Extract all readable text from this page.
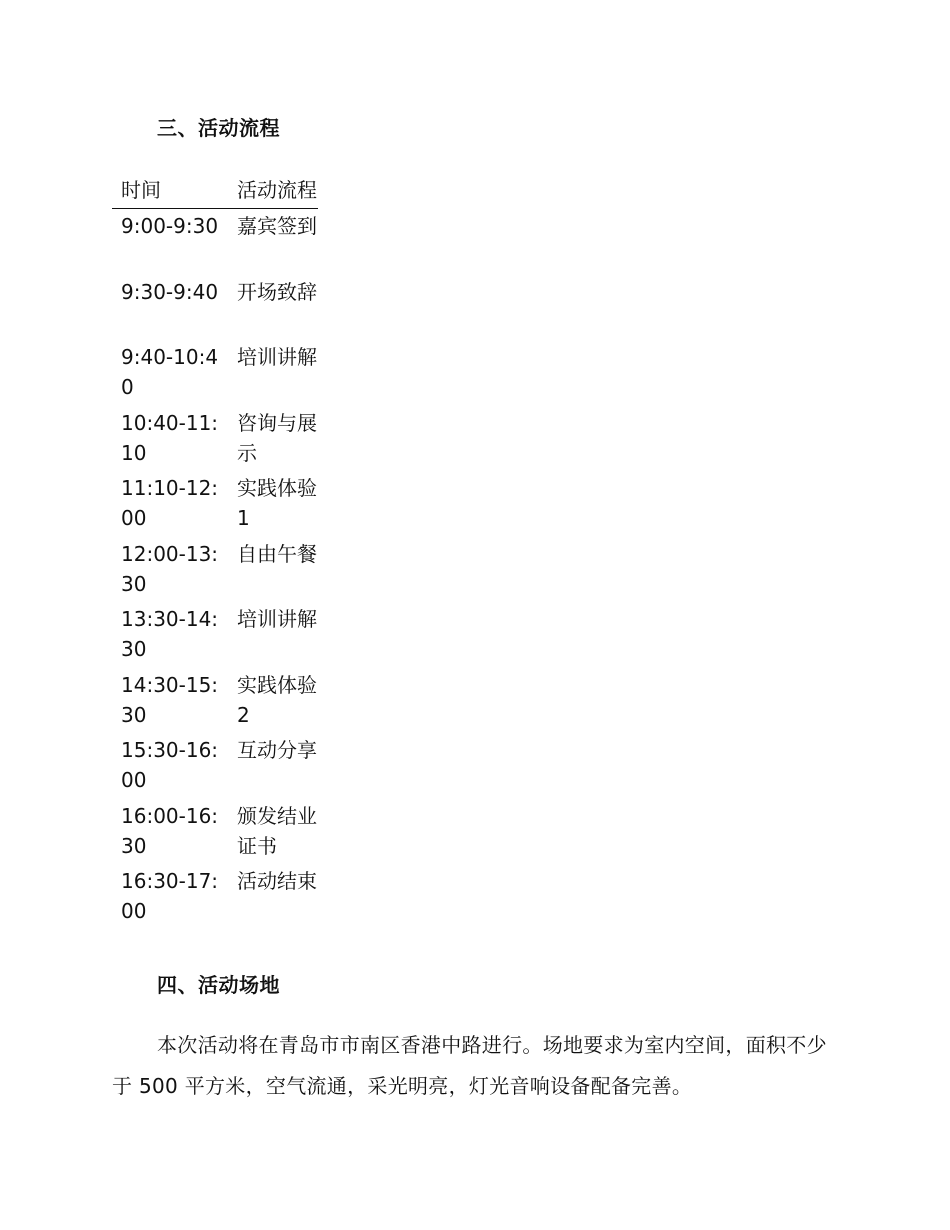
三、活动流程
时间	活动流程
9:00-9:30 嘉宾签到
9:30-9:40 开场致辞
9:40-10:40
培训讲解
10:40-11:10
咨询与展示
11:10-12:00
实践体验 1
12:00-13:30
自由午餐
13:30-14:30
培训讲解
14:30-15:30
实践体验 2
15:30-16:00
互动分享
16:00-16:30
颁发结业证书
16:30-17:00
活动结束
四、活动场地
本次活动将在青岛市市南区香港中路进行。场地要求为室内空间，面积不少于 500 平方米，空气流通，采光明亮，灯光音响设备配备完善。
